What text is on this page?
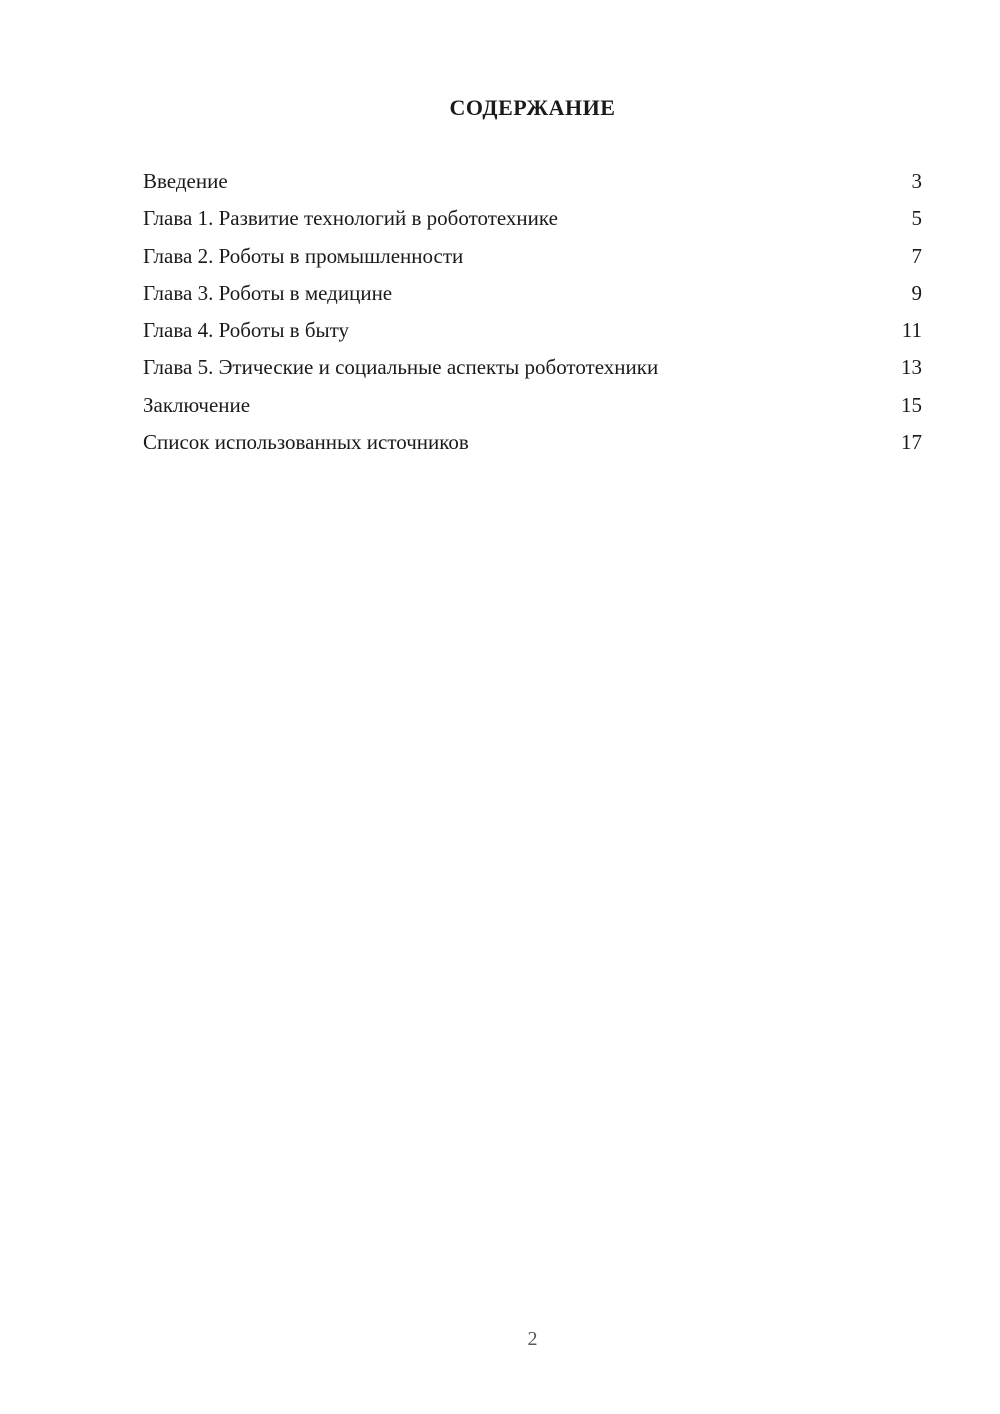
СОДЕРЖАНИЕ
Введение	3
Глава 1. Развитие технологий в робототехнике	5
Глава 2. Роботы в промышленности	7
Глава 3. Роботы в медицине	9
Глава 4. Роботы в быту	11
Глава 5. Этические и социальные аспекты робототехники	13
Заключение	15
Список использованных источников	17
2
